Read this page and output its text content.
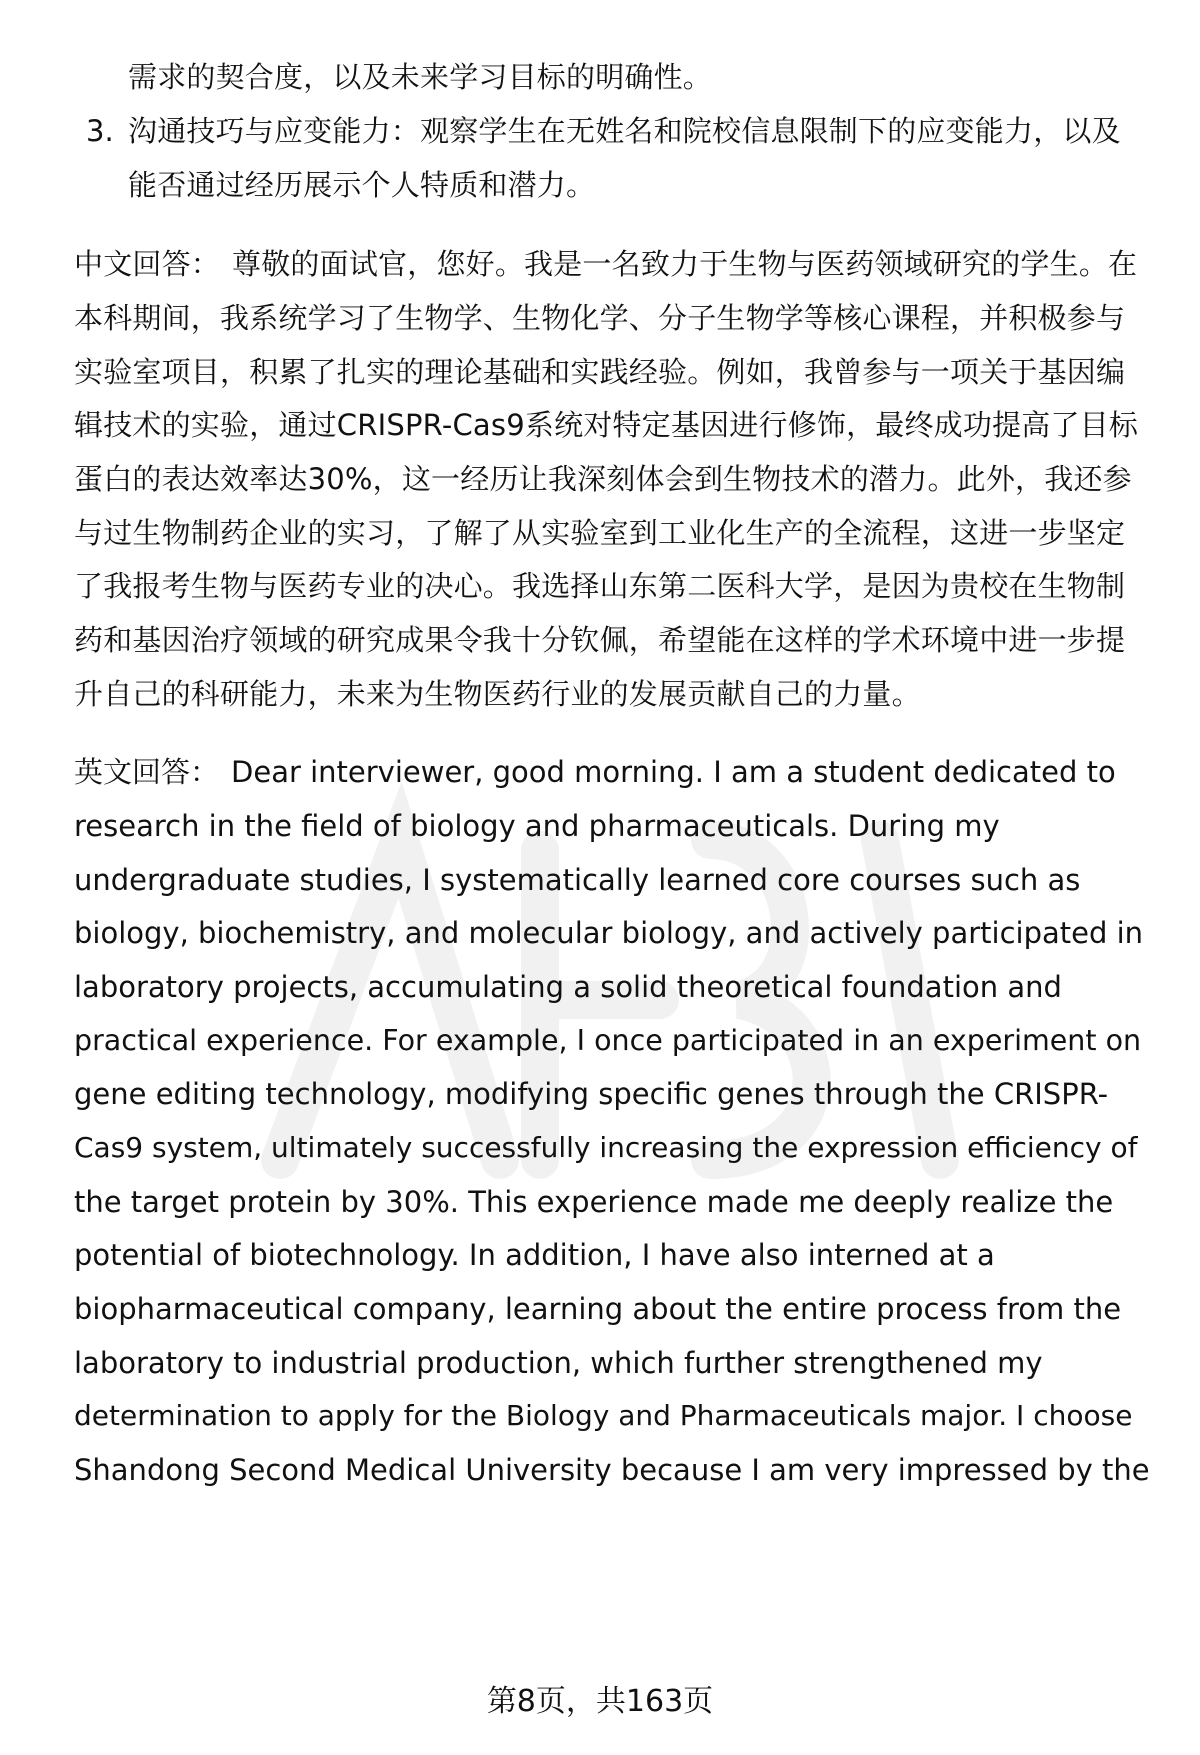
需求的契合度，以及未来学习目标的明确性。
3. 沟通技巧与应变能力：观察学生在无姓名和院校信息限制下的应变能力，以及
能否通过经历展示个人特质和潜力。
中文回答： 尊敬的面试官，您好。我是一名致力于生物与医药领域研究的学生。在
本科期间，我系统学习了生物学、生物化学、分子生物学等核心课程，并积极参与
实验室项目，积累了扎实的理论基础和实践经验。例如，我曾参与一项关于基因编
辑技术的实验，通过CRISPR-Cas9系统对特定基因进行修饰，最终成功提高了目标
蛋白的表达效率达30%，这一经历让我深刻体会到生物技术的潜力。此外，我还参
与过生物制药企业的实习，了解了从实验室到工业化生产的全流程，这进一步坚定
了我报考生物与医药专业的决心。我选择山东第二医科大学，是因为贵校在生物制
药和基因治疗领域的研究成果令我十分钦佩，希望能在这样的学术环境中进一步提
升自己的科研能力，未来为生物医药行业的发展贡献自己的力量。
英文回答： Dear interviewer, good morning. I am a student dedicated to
research in the field of biology and pharmaceuticals. During my
undergraduate studies, I systematically learned core courses such as
biology, biochemistry, and molecular biology, and actively participated in
laboratory projects, accumulating a solid theoretical foundation and
practical experience. For example, I once participated in an experiment on
gene editing technology, modifying specific genes through the CRISPR-
Cas9 system, ultimately successfully increasing the expression efficiency of
the target protein by 30%. This experience made me deeply realize the
potential of biotechnology. In addition, I have also interned at a
biopharmaceutical company, learning about the entire process from the
laboratory to industrial production, which further strengthened my
determination to apply for the Biology and Pharmaceuticals major. I choose
Shandong Second Medical University because I am very impressed by the
第8页，共163页
